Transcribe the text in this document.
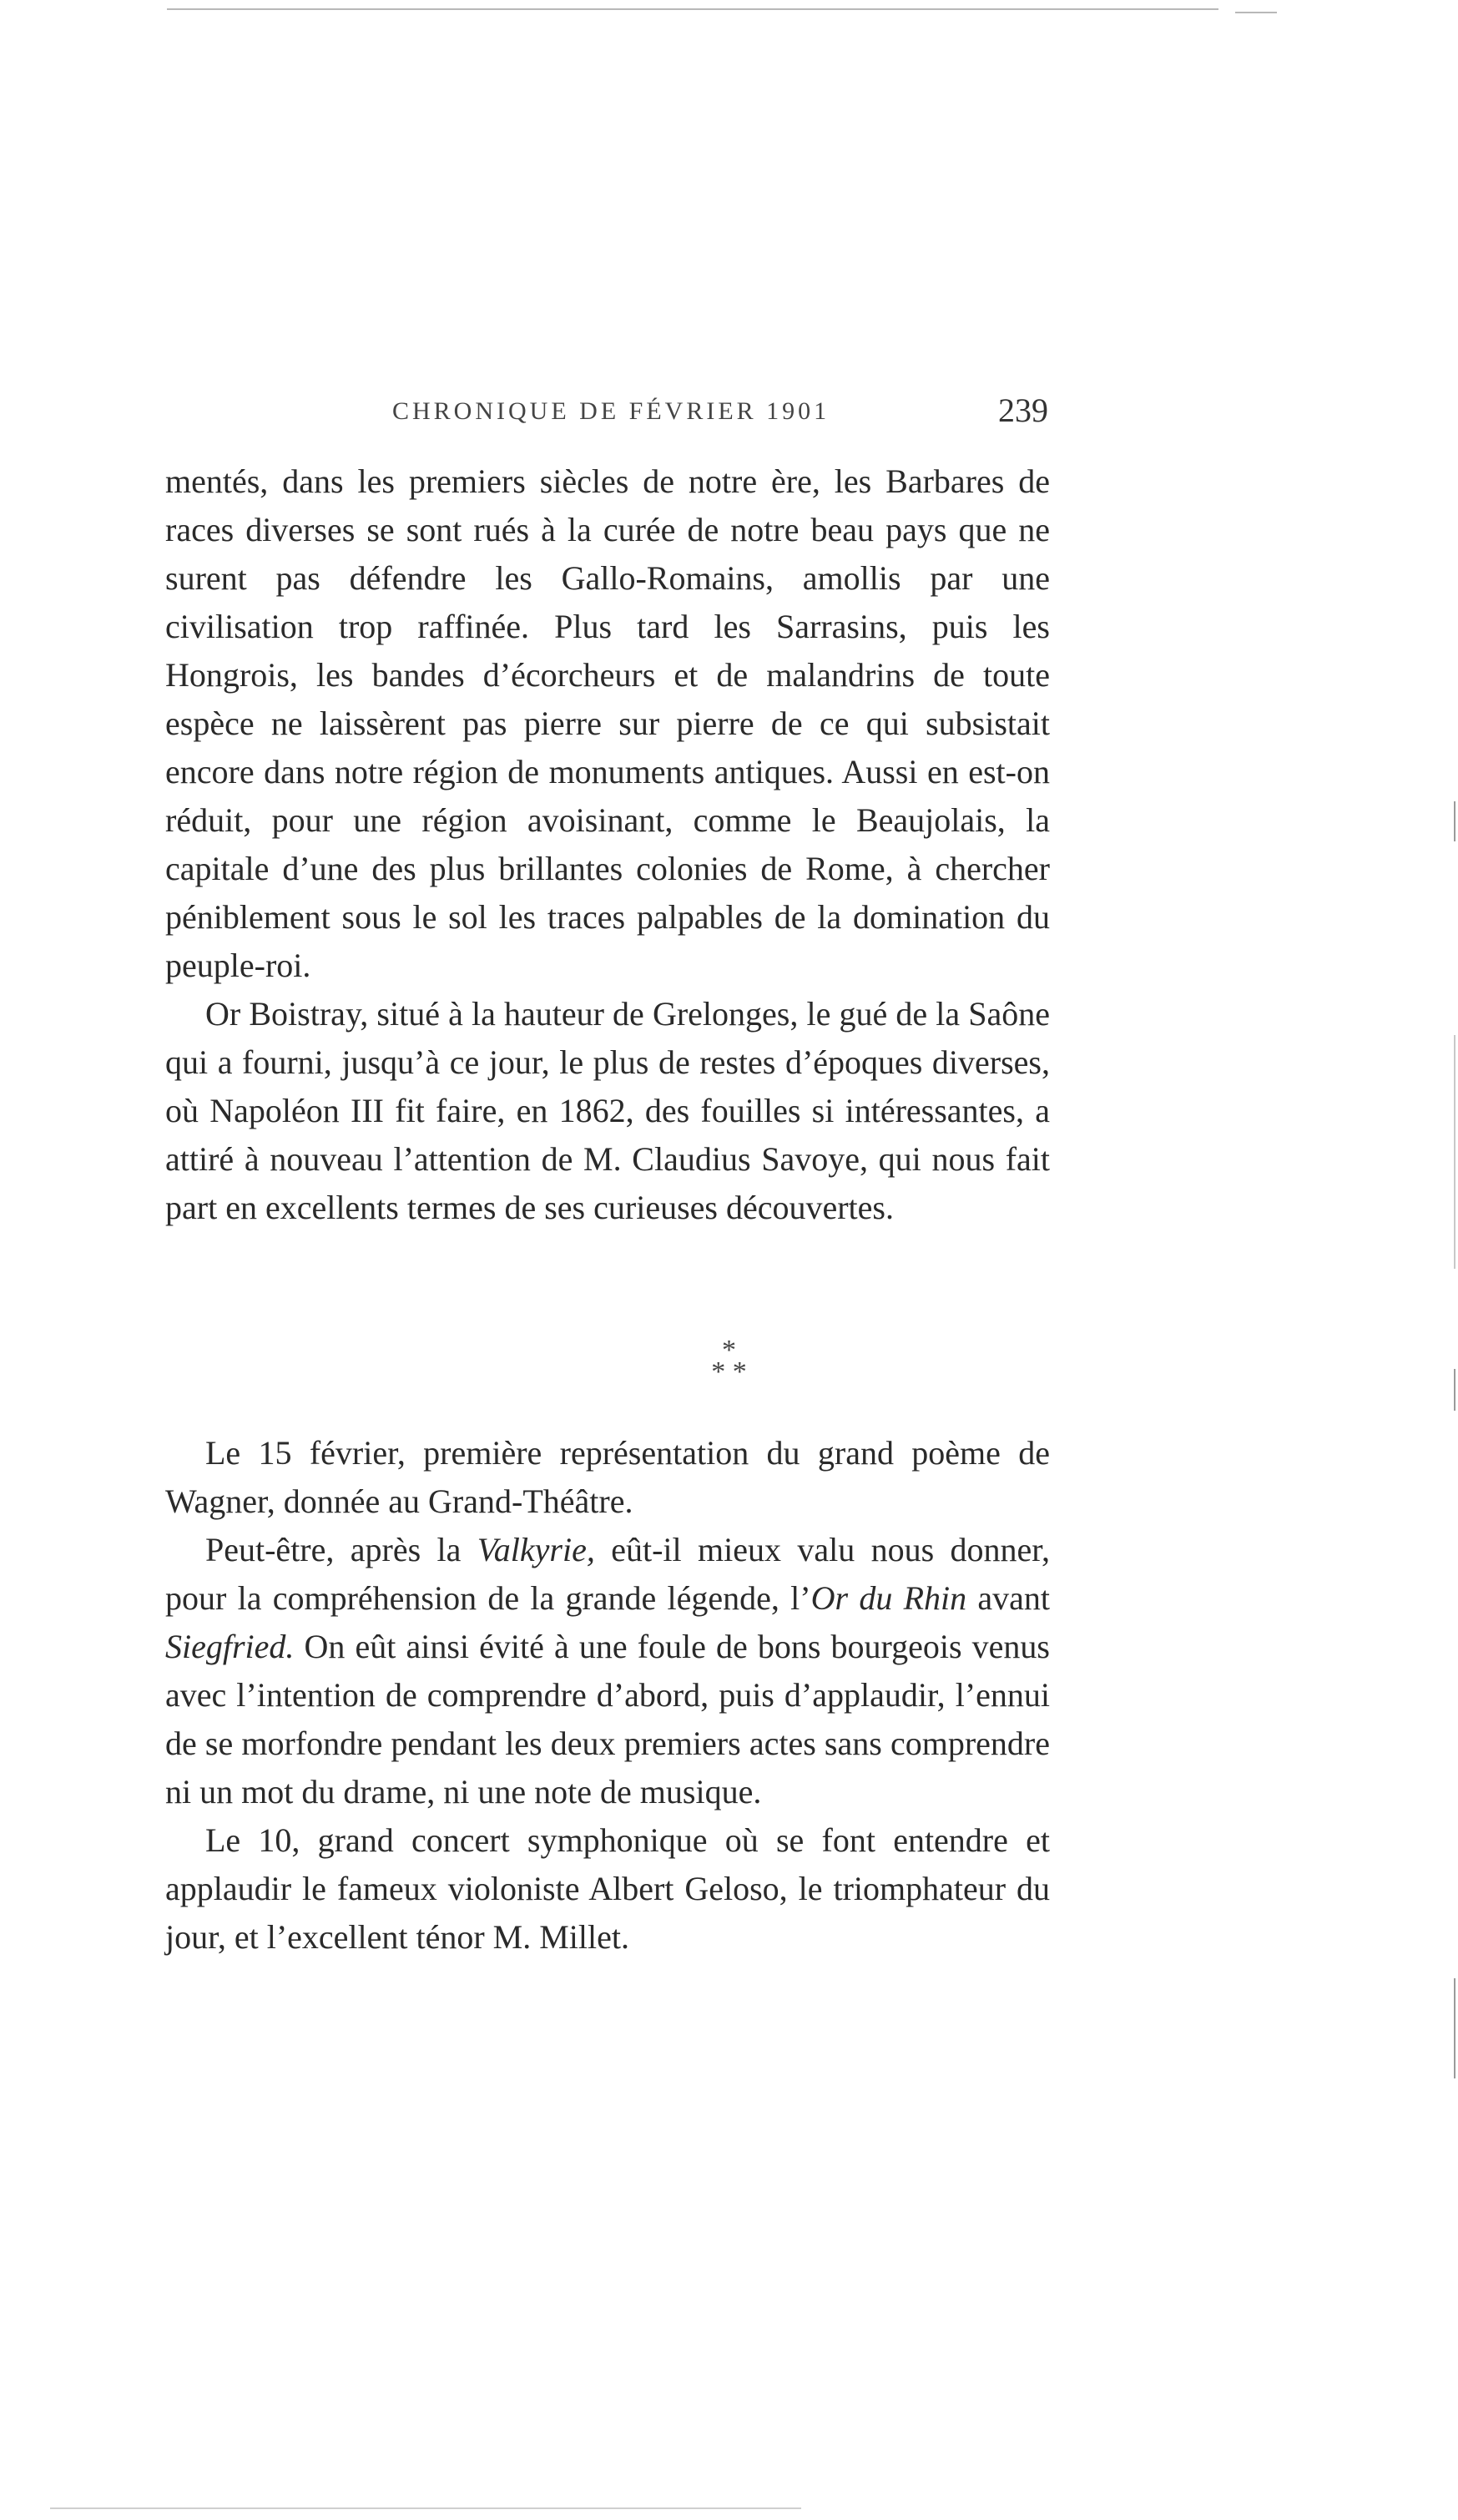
CHRONIQUE DE FÉVRIER 1901	239

mentés, dans les premiers siècles de notre ère, les Barbares de races diverses se sont rués à la curée de notre beau pays que ne surent pas défendre les Gallo-Romains, amollis par une civilisation trop raffinée. Plus tard les Sarrasins, puis les Hongrois, les bandes d’écorcheurs et de malandrins de toute espèce ne laissèrent pas pierre sur pierre de ce qui subsistait encore dans notre région de monuments antiques. Aussi en est-on réduit, pour une région avoisinant, comme le Beaujolais, la capitale d’une des plus brillantes colonies de Rome, à chercher péniblement sous le sol les traces palpables de la domination du peuple-roi.

Or Boistray, situé à la hauteur de Grelonges, le gué de la Saône qui a fourni, jusqu’à ce jour, le plus de restes d’époques diverses, où Napoléon III fit faire, en 1862, des fouilles si intéressantes, a attiré à nouveau l’attention de M. Claudius Savoye, qui nous fait part en excellents termes de ses curieuses découvertes.

*
* *

Le 15 février, première représentation du grand poème de Wagner, donnée au Grand-Théâtre.

Peut-être, après la Valkyrie, eût-il mieux valu nous donner, pour la compréhension de la grande légende, l’Or du Rhin avant Siegfried. On eût ainsi évité à une foule de bons bourgeois venus avec l’intention de comprendre d’abord, puis d’applaudir, l’ennui de se morfondre pendant les deux premiers actes sans comprendre ni un mot du drame, ni une note de musique.

Le 10, grand concert symphonique où se font entendre et applaudir le fameux violoniste Albert Geloso, le triomphateur du jour, et l’excellent ténor M. Millet.
